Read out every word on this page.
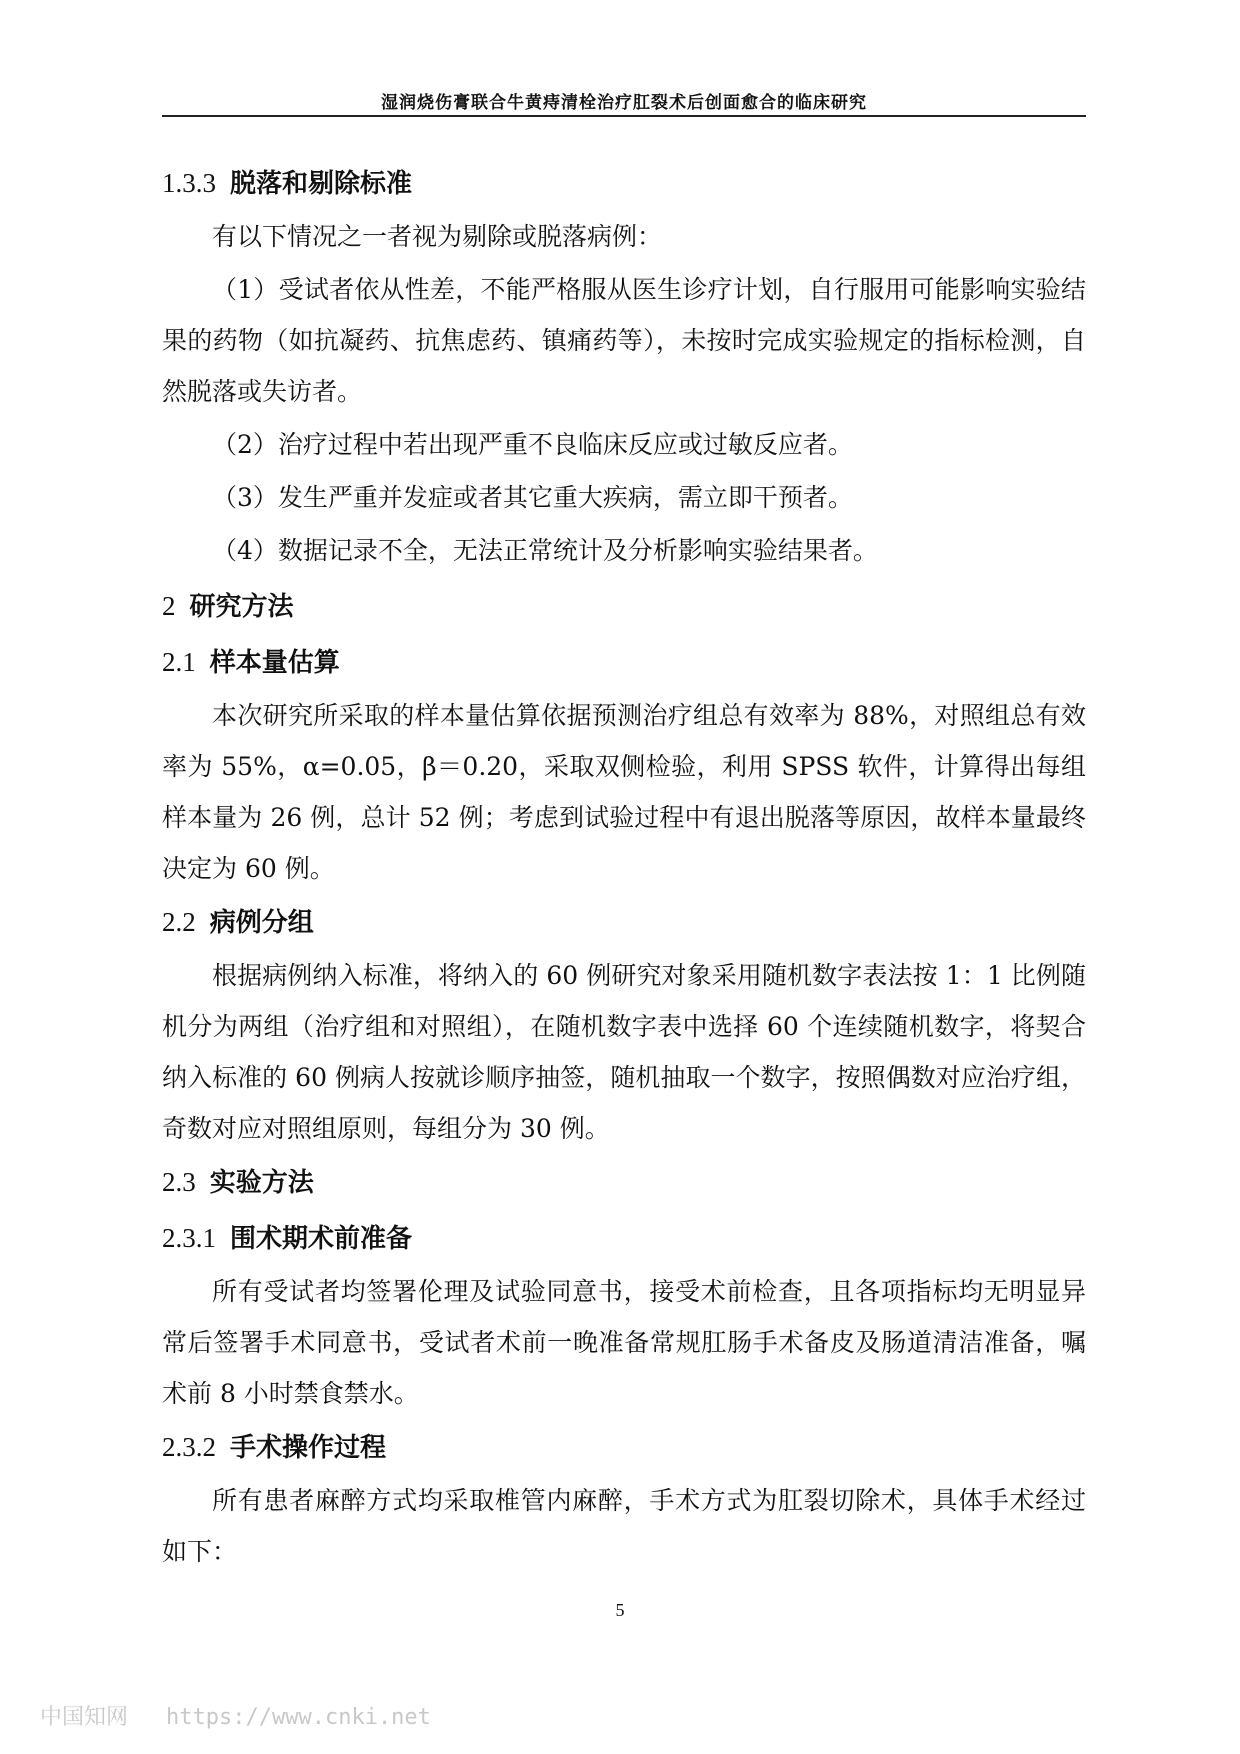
湿润烧伤膏联合牛黄痔清栓治疗肛裂术后创面愈合的临床研究
1.3.3 脱落和剔除标准
有以下情况之一者视为剔除或脱落病例：
（1）受试者依从性差，不能严格服从医生诊疗计划，自行服用可能影响实验结果的药物（如抗凝药、抗焦虑药、镇痛药等），未按时完成实验规定的指标检测，自然脱落或失访者。
（2）治疗过程中若出现严重不良临床反应或过敏反应者。
（3）发生严重并发症或者其它重大疾病，需立即干预者。
（4）数据记录不全，无法正常统计及分析影响实验结果者。
2 研究方法
2.1 样本量估算
本次研究所采取的样本量估算依据预测治疗组总有效率为 88%，对照组总有效率为 55%，α=0.05，β＝0.20，采取双侧检验，利用 SPSS 软件，计算得出每组样本量为 26 例，总计 52 例；考虑到试验过程中有退出脱落等原因，故样本量最终决定为 60 例。
2.2 病例分组
根据病例纳入标准，将纳入的 60 例研究对象采用随机数字表法按 1：1 比例随机分为两组（治疗组和对照组），在随机数字表中选择 60 个连续随机数字，将契合纳入标准的 60 例病人按就诊顺序抽签，随机抽取一个数字，按照偶数对应治疗组，奇数对应对照组原则，每组分为 30 例。
2.3 实验方法
2.3.1 围术期术前准备
所有受试者均签署伦理及试验同意书，接受术前检查，且各项指标均无明显异常后签署手术同意书，受试者术前一晚准备常规肛肠手术备皮及肠道清洁准备，嘱术前 8 小时禁食禁水。
2.3.2 手术操作过程
所有患者麻醉方式均采取椎管内麻醉，手术方式为肛裂切除术，具体手术经过如下：
5
中国知网 https://www.cnki.net
